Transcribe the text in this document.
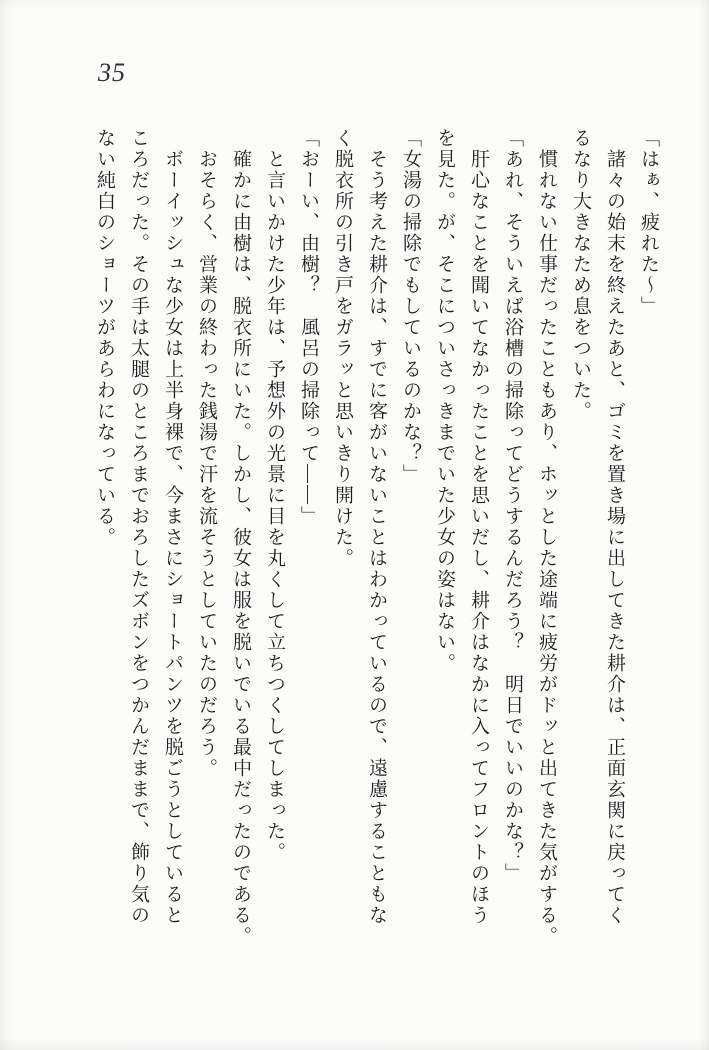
35
「はぁ、疲れた〜」
諸々の始末を終えたあと、ゴミを置き場に出してきた耕介は、正面玄関に戻ってく
るなり大きなため息をついた。
慣れない仕事だったこともあり、ホッとした途端に疲労がドッと出てきた気がする。
「あれ、そういえば浴槽の掃除ってどうするんだろう？　明日でいいのかな？」
肝心なことを聞いてなかったことを思いだし、耕介はなかに入ってフロントのほう
を見た。が、そこについさっきまでいた少女の姿はない。
「女湯の掃除でもしているのかな？」
そう考えた耕介は、すでに客がいないことはわかっているので、遠慮することもな
く脱衣所の引き戸をガラッと思いきり開けた。
「おーい、由樹？　風呂の掃除って――」
と言いかけた少年は、予想外の光景に目を丸くして立ちつくしてしまった。
確かに由樹は、脱衣所にいた。しかし、彼女は服を脱いでいる最中だったのである。
おそらく、営業の終わった銭湯で汗を流そうとしていたのだろう。
ボーイッシュな少女は上半身裸で、今まさにショートパンツを脱ごうとしていると
ころだった。その手は太腿のところまでおろしたズボンをつかんだままで、飾り気の
ない純白のショーツがあらわになっている。
